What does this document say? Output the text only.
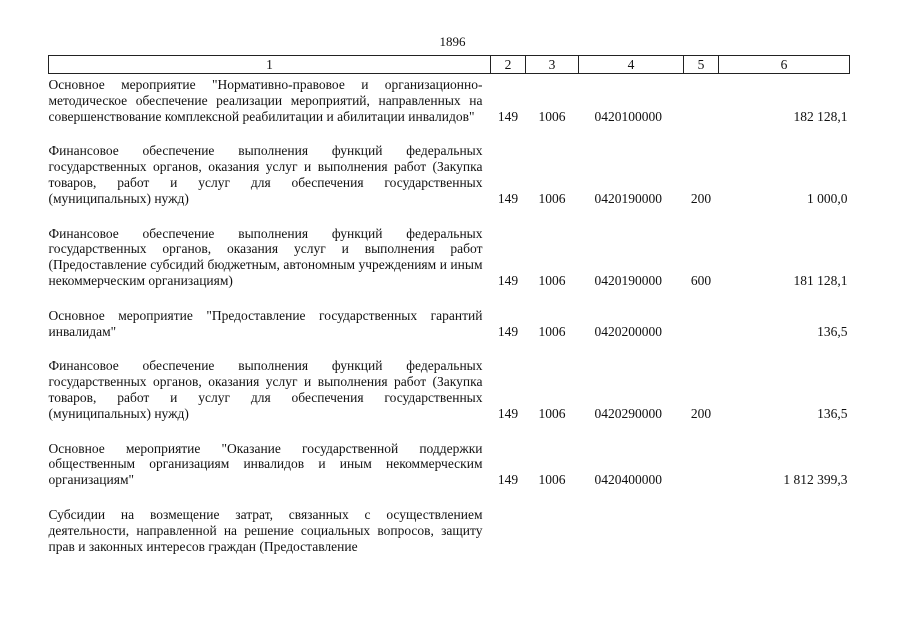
1896
1	2	3	4	5	6
Основное мероприятие "Нормативно-правовое и организационно-методическое обеспечение реализации мероприятий, направленных на совершенствование комплексной реабилитации и абилитации инвалидов"	149	1006	0420100000		182 128,1
Финансовое обеспечение выполнения функций федеральных государственных органов, оказания услуг и выполнения работ (Закупка товаров, работ и услуг для обеспечения государственных (муниципальных) нужд)	149	1006	0420190000	200	1 000,0
Финансовое обеспечение выполнения функций федеральных государственных органов, оказания услуг и выполнения работ (Предоставление субсидий бюджетным, автономным учреждениям и иным некоммерческим организациям)	149	1006	0420190000	600	181 128,1
Основное мероприятие "Предоставление государственных гарантий инвалидам"	149	1006	0420200000		136,5
Финансовое обеспечение выполнения функций федеральных государственных органов, оказания услуг и выполнения работ (Закупка товаров, работ и услуг для обеспечения государственных (муниципальных) нужд)	149	1006	0420290000	200	136,5
Основное мероприятие "Оказание государственной поддержки общественным организациям инвалидов и иным некоммерческим организациям"	149	1006	0420400000		1 812 399,3
Субсидии на возмещение затрат, связанных с осуществлением деятельности, направленной на решение социальных вопросов, защиту прав и законных интересов граждан (Предоставление					
